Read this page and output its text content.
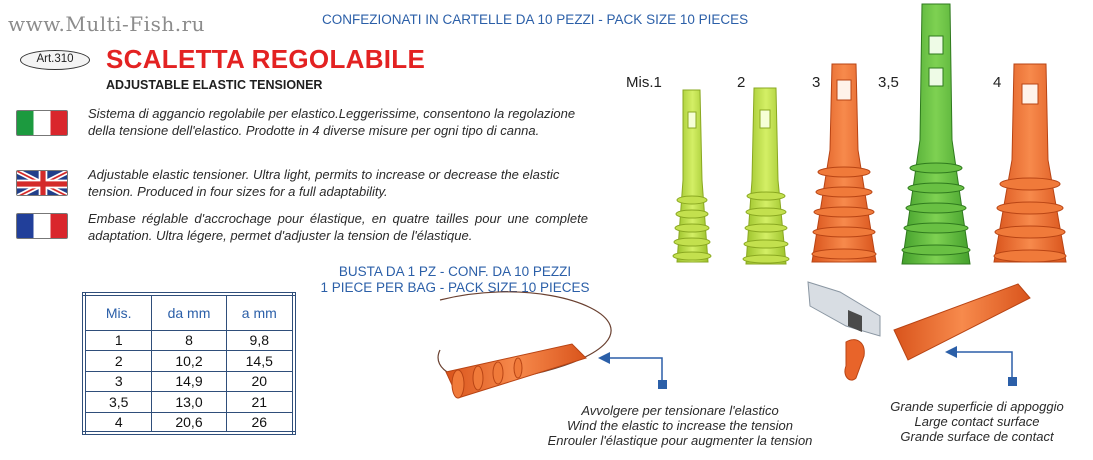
www.Multi-Fish.ru	CONFEZIONATI IN CARTELLE DA 10 PEZZI - PACK SIZE 10 PIECES
Art.310	SCALETTA REGOLABILE
ADJUSTABLE ELASTIC TENSIONER
Sistema di aggancio regolabile per elastico.Leggerissime, consentono la regolazione della tensione dell'elastico. Prodotte in 4 diverse misure per ogni tipo di canna.
Adjustable elastic tensioner. Ultra light, permits to increase or decrease the elastic tension. Produced in four sizes for a full adaptability.
Embase réglable d'accrochage pour élastique, en quatre tailles pour une complete adaptation. Ultra légere, permet d'adjuster la tension de l'élastique.
BUSTA DA 1 PZ - CONF. DA 10 PEZZI
1 PIECE PER BAG - PACK SIZE 10 PIECES
Mis.	da mm	a mm
1	8	9,8
2	10,2	14,5
3	14,9	20
3,5	13,0	21
4	20,6	26
Mis.1	2	3	3,5	4
Avvolgere per tensionare l'elastico
Wind the elastic to increase the tension
Enrouler l'élastique pour augmenter la tension
Grande superficie di appoggio
Large contact surface
Grande surface de contact
